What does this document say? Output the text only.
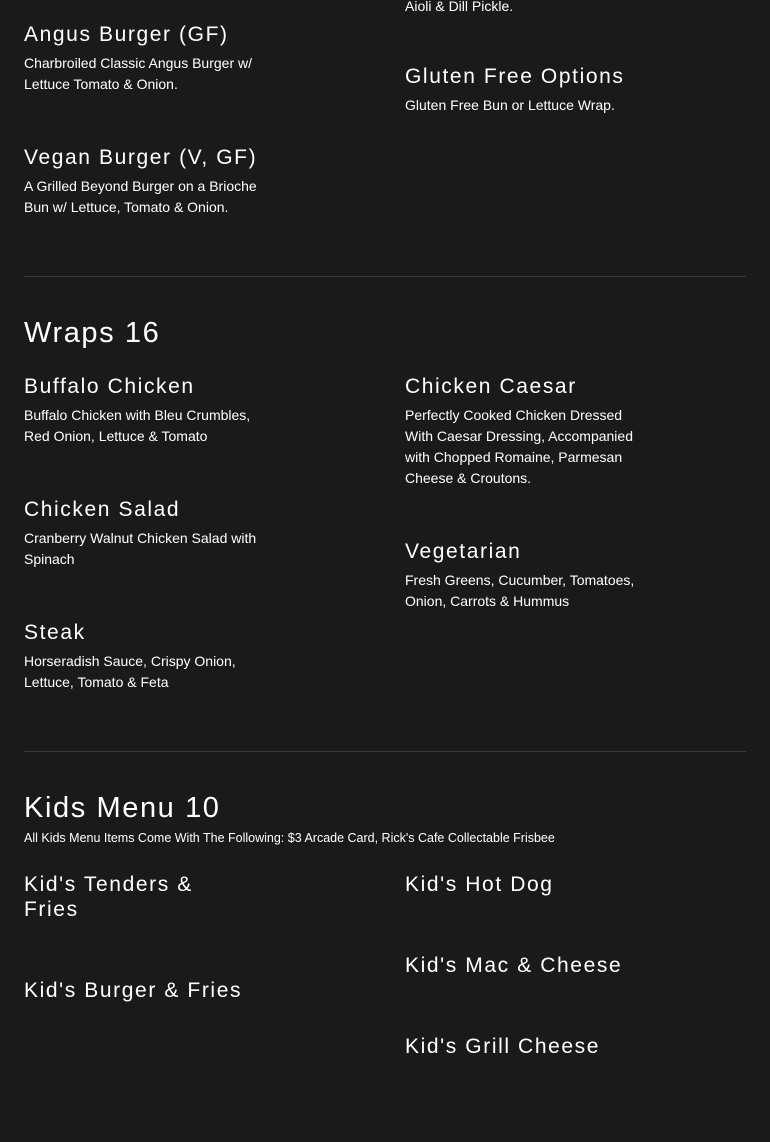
Aioli & Dill Pickle.
Angus Burger (GF)

Charbroiled Classic Angus Burger w/ Lettuce Tomato & Onion.

Vegan Burger (V, GF)

A Grilled Beyond Burger on a Brioche Bun w/ Lettuce, Tomato & Onion.

Gluten Free Options

Gluten Free Bun or Lettuce Wrap.

Wraps 16
Buffalo Chicken

Buffalo Chicken with Bleu Crumbles, Red Onion, Lettuce & Tomato

Chicken Salad

Cranberry Walnut Chicken Salad with Spinach

Steak

Horseradish Sauce, Crispy Onion, Lettuce, Tomato & Feta

Chicken Caesar

Perfectly Cooked Chicken Dressed With Caesar Dressing, Accompanied with Chopped Romaine, Parmesan Cheese & Croutons.

Vegetarian

Fresh Greens, Cucumber, Tomatoes, Onion, Carrots & Hummus

Kids Menu 10
All Kids Menu Items Come With The Following: $3 Arcade Card, Rick's Cafe Collectable Frisbee
Kid's Tenders & Fries
Kid's Burger & Fries
Kid's Hot Dog
Kid's Mac & Cheese
Kid's Grill Cheese
